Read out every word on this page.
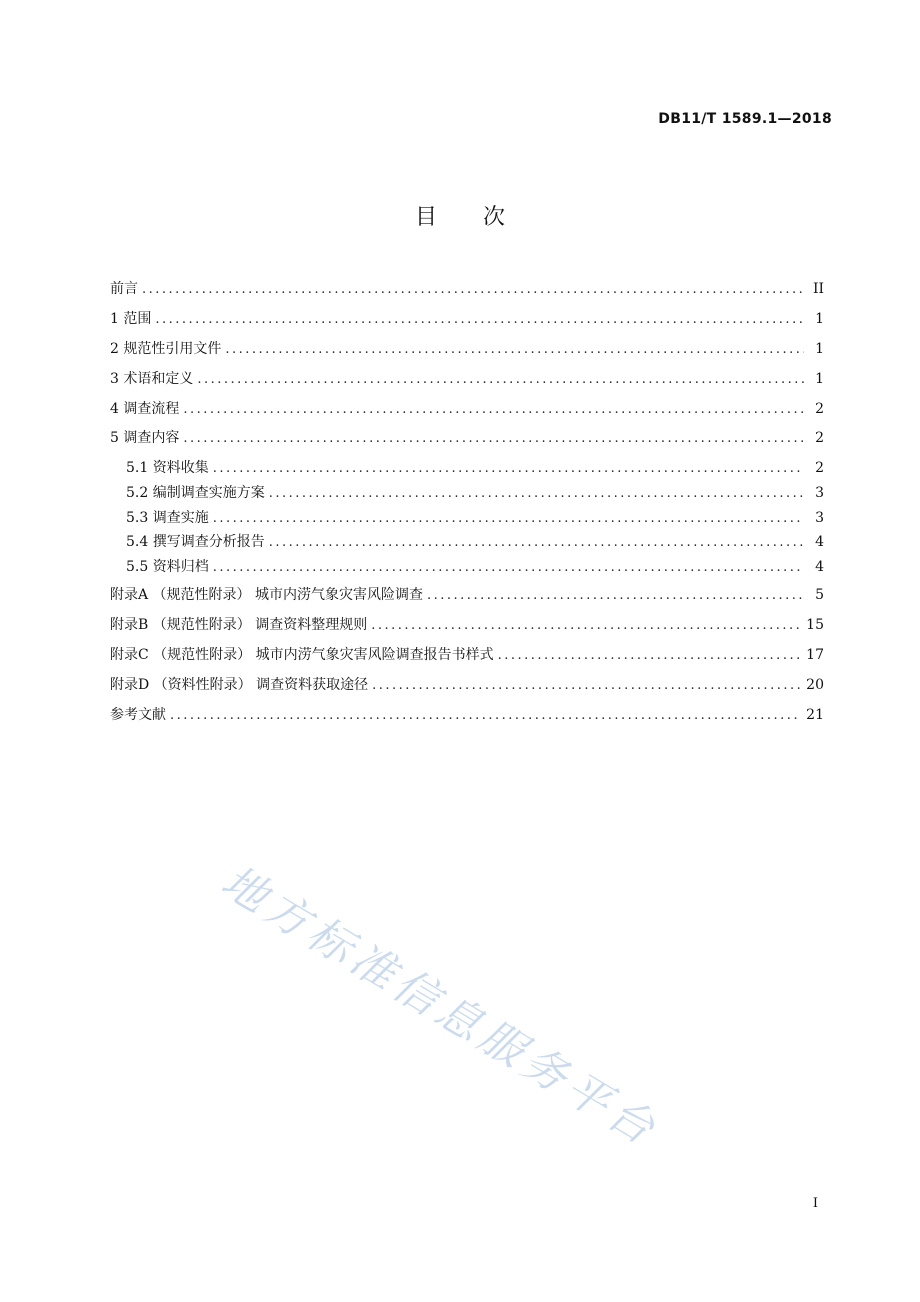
DB11/T 1589.1—2018
目次
前言 .....	II
1 范围 .....	1
2 规范性引用文件 .....	1
3 术语和定义 .....	1
4 调查流程 .....	2
5 调查内容 .....	2
5.1 资料收集 .....	2
5.2 编制调查实施方案 .....	3
5.3 调查实施 .....	3
5.4 撰写调查分析报告 .....	4
5.5 资料归档 .....	4
附录A （规范性附录） 城市内涝气象灾害风险调查 .....	5
附录B （规范性附录） 调查资料整理规则 .....	15
附录C （规范性附录） 城市内涝气象灾害风险调查报告书样式 .....	17
附录D （资料性附录） 调查资料获取途径 .....	20
参考文献 .....	21
地方标准信息服务平台
I
